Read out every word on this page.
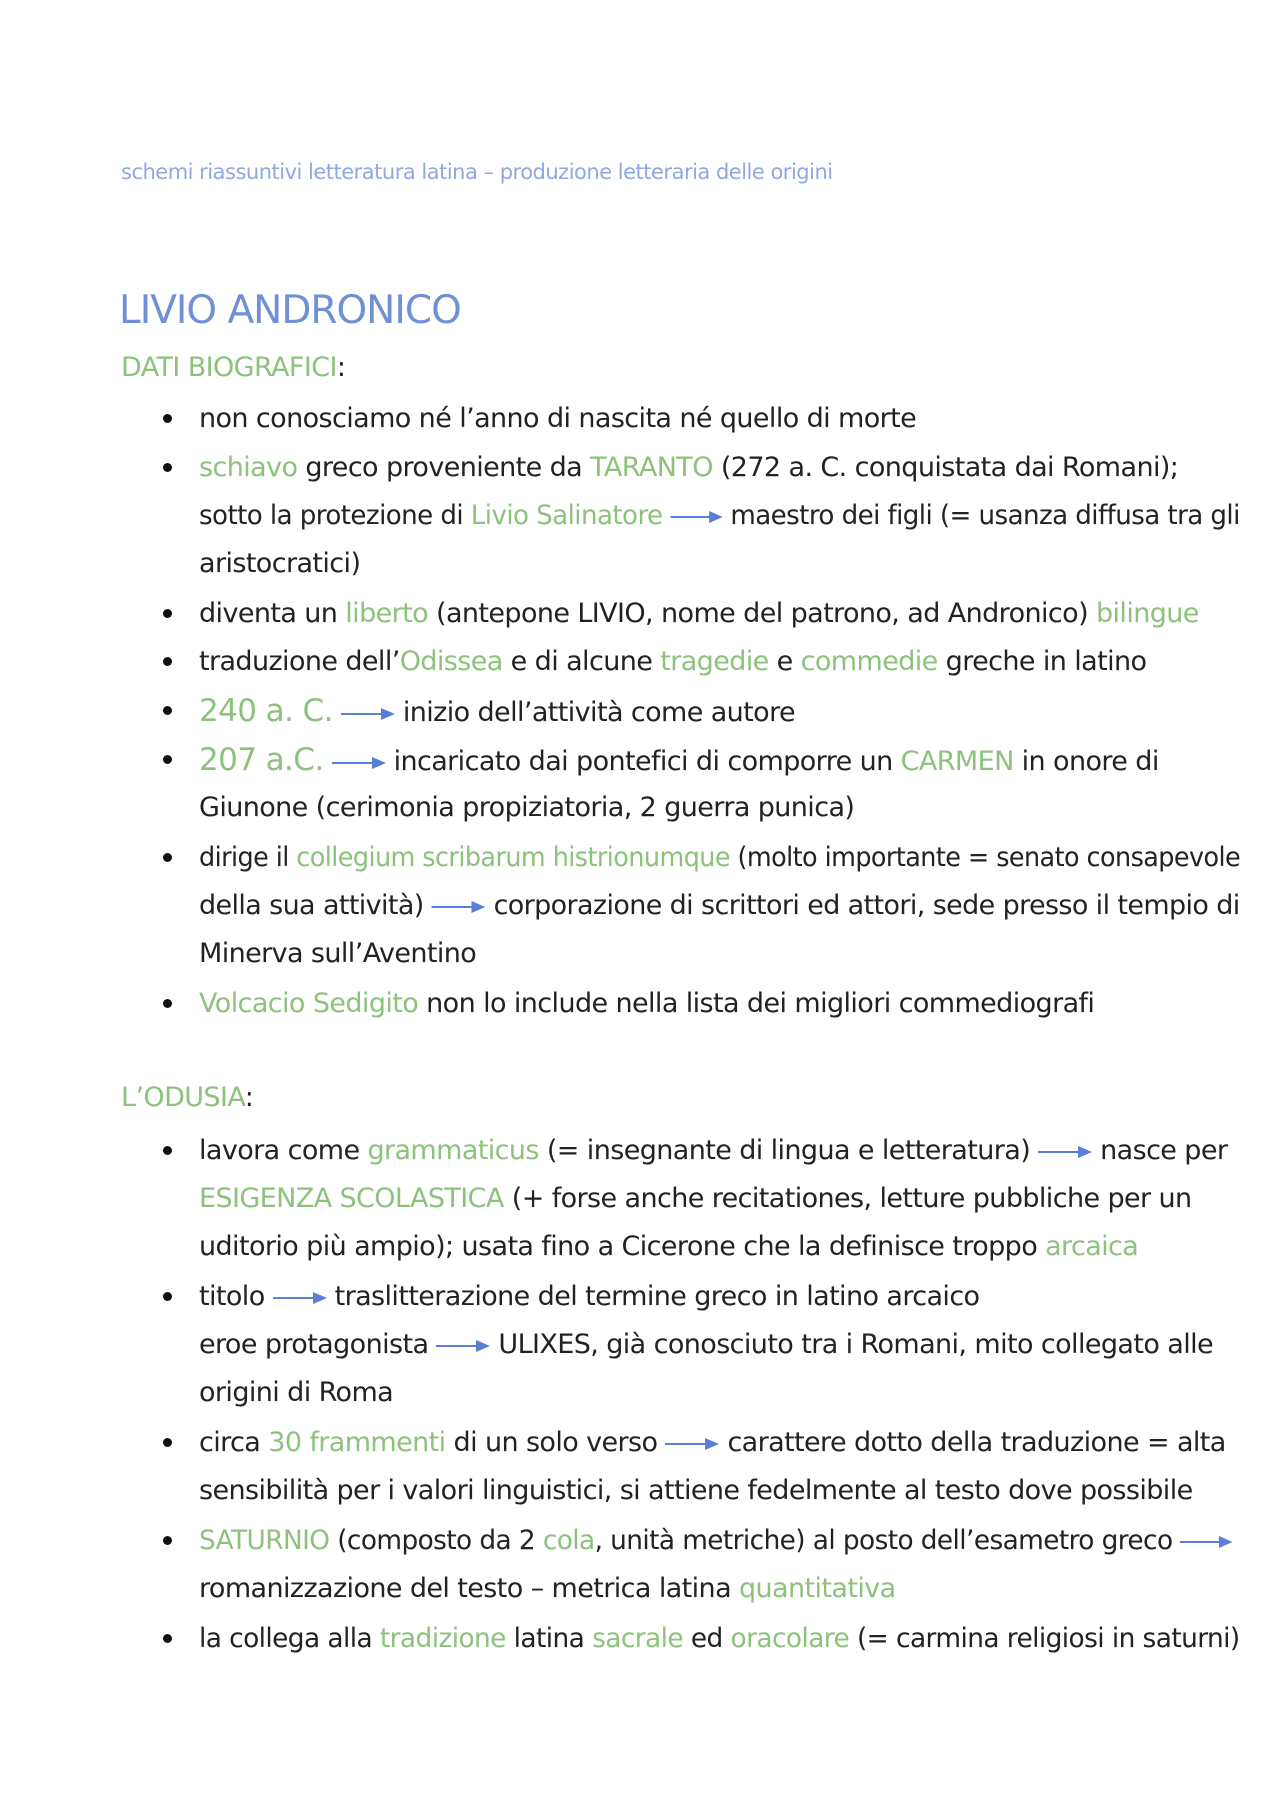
schemi riassuntivi letteratura latina – produzione letteraria delle origini
LIVIO ANDRONICO
DATI BIOGRAFICI:
non conosciamo né l’anno di nascita né quello di morte
schiavo greco proveniente da TARANTO (272 a. C. conquistata dai Romani);
sotto la protezione di Livio Salinatore	maestro dei figli (= usanza diffusa tra gli
aristocratici)
diventa un liberto (antepone LIVIO, nome del patrono, ad Andronico) bilingue
traduzione dell’Odissea e di alcune tragedie e commedie greche in latino
240 a. C.	inizio dell’attività come autore
207 a.C.	incaricato dai pontefici di comporre un CARMEN in onore di
Giunone (cerimonia propiziatoria, 2 guerra punica)
dirige il collegium scribarum histrionumque (molto importante = senato consapevole
della sua attività)	corporazione di scrittori ed attori, sede presso il tempio di
Minerva sull’Aventino
Volcacio Sedigito non lo include nella lista dei migliori commediografi
L’ODUSIA:
lavora come grammaticus (= insegnante di lingua e letteratura)	nasce per
ESIGENZA SCOLASTICA (+ forse anche recitationes, letture pubbliche per un
uditorio più ampio); usata fino a Cicerone che la definisce troppo arcaica
titolo	traslitterazione del termine greco in latino arcaico
eroe protagonista	ULIXES, già conosciuto tra i Romani, mito collegato alle
origini di Roma
circa 30 frammenti di un solo verso	carattere dotto della traduzione = alta
sensibilità per i valori linguistici, si attiene fedelmente al testo dove possibile
SATURNIO (composto da 2 cola, unità metriche) al posto dell’esametro greco
romanizzazione del testo – metrica latina quantitativa
la collega alla tradizione latina sacrale ed oracolare (= carmina religiosi in saturni)
